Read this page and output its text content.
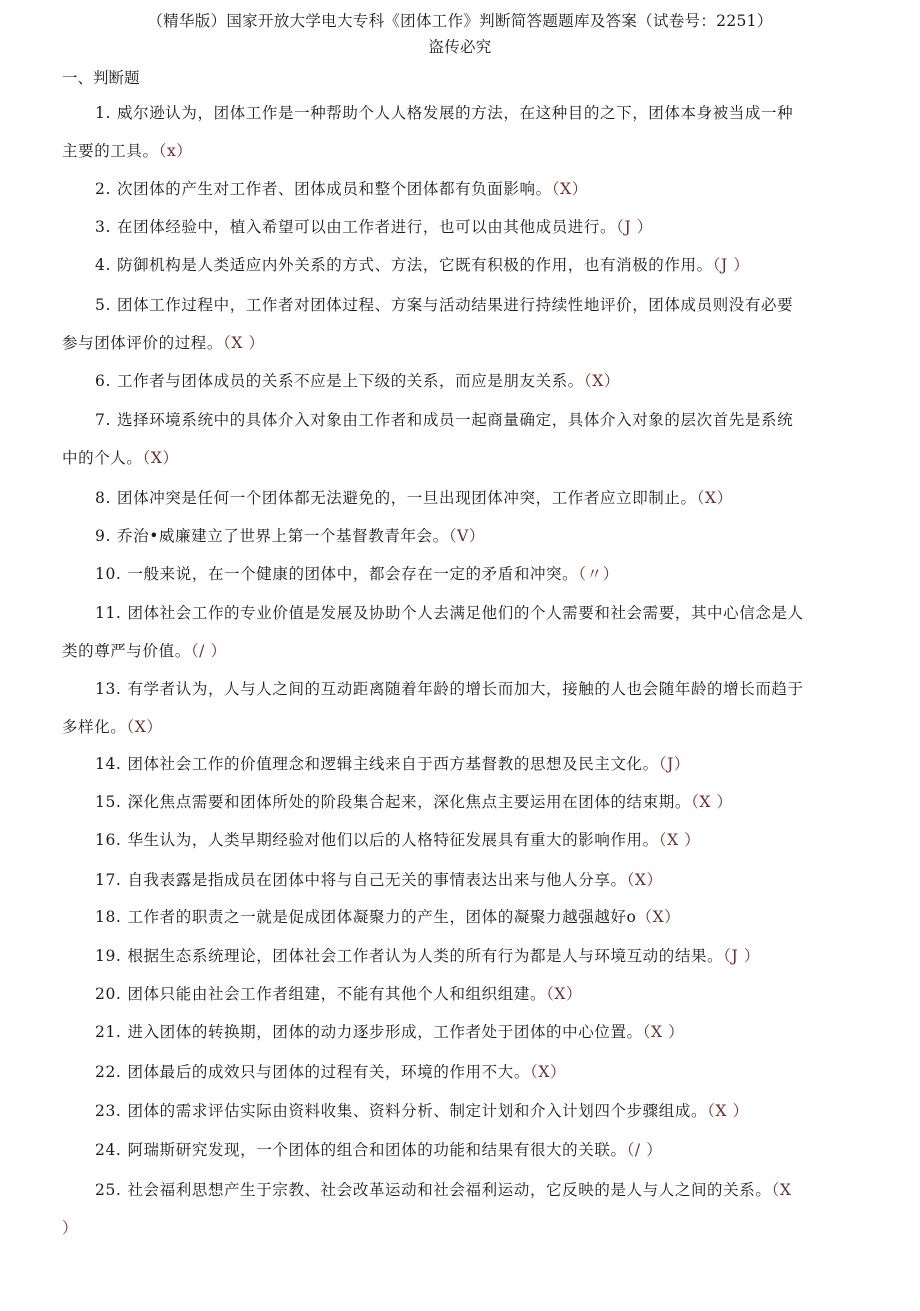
（精华版）国家开放大学电大专科《团体工作》判断简答题题库及答案（试卷号：2251）
盗传必究
一、判断题
1. 威尔逊认为，团体工作是一种帮助个人人格发展的方法，在这种目的之下，团体本身被当成一种
主要的工具。（x）
2. 次团体的产生对工作者、团体成员和整个团体都有负面影响。（X）
3. 在团体经验中，植入希望可以由工作者进行，也可以由其他成员进行。（J ）
4. 防御机构是人类适应内外关系的方式、方法，它既有积极的作用，也有消极的作用。（J ）
5. 团体工作过程中，工作者对团体过程、方案与活动结果进行持续性地评价，团体成员则没有必要
参与团体评价的过程。（X ）
6. 工作者与团体成员的关系不应是上下级的关系，而应是朋友关系。（X）
7. 选择环境系统中的具体介入对象由工作者和成员一起商量确定，具体介入对象的层次首先是系统
中的个人。（X）
8. 团体冲突是任何一个团体都无法避免的，一旦出现团体冲突，工作者应立即制止。（X）
9. 乔治•威廉建立了世界上第一个基督教青年会。（V）
10. 一般来说，在一个健康的团体中，都会存在一定的矛盾和冲突。（〃）
11. 团体社会工作的专业价值是发展及协助个人去满足他们的个人需要和社会需要，其中心信念是人
类的尊严与价值。（/ ）
13. 有学者认为，人与人之间的互动距离随着年龄的增长而加大，接触的人也会随年龄的增长而趋于
多样化。（X）
14. 团体社会工作的价值理念和逻辑主线来自于西方基督教的思想及民主文化。（J）
15. 深化焦点需要和团体所处的阶段集合起来，深化焦点主要运用在团体的结束期。（X ）
16. 华生认为，人类早期经验对他们以后的人格特征发展具有重大的影响作用。（X ）
17. 自我表露是指成员在团体中将与自己无关的事情表达出来与他人分享。（X）
18. 工作者的职责之一就是促成团体凝聚力的产生，团体的凝聚力越强越好o（X）
19. 根据生态系统理论，团体社会工作者认为人类的所有行为都是人与环境互动的结果。（J ）
20. 团体只能由社会工作者组建，不能有其他个人和组织组建。（X）
21. 进入团体的转换期，团体的动力逐步形成，工作者处于团体的中心位置。（X ）
22. 团体最后的成效只与团体的过程有关，环境的作用不大。（X）
23. 团体的需求评估实际由资料收集、资料分析、制定计划和介入计划四个步骤组成。（X ）
24. 阿瑞斯研究发现，一个团体的组合和团体的功能和结果有很大的关联。（/ ）
25. 社会福利思想产生于宗教、社会改革运动和社会福利运动，它反映的是人与人之间的关系。（X
）
